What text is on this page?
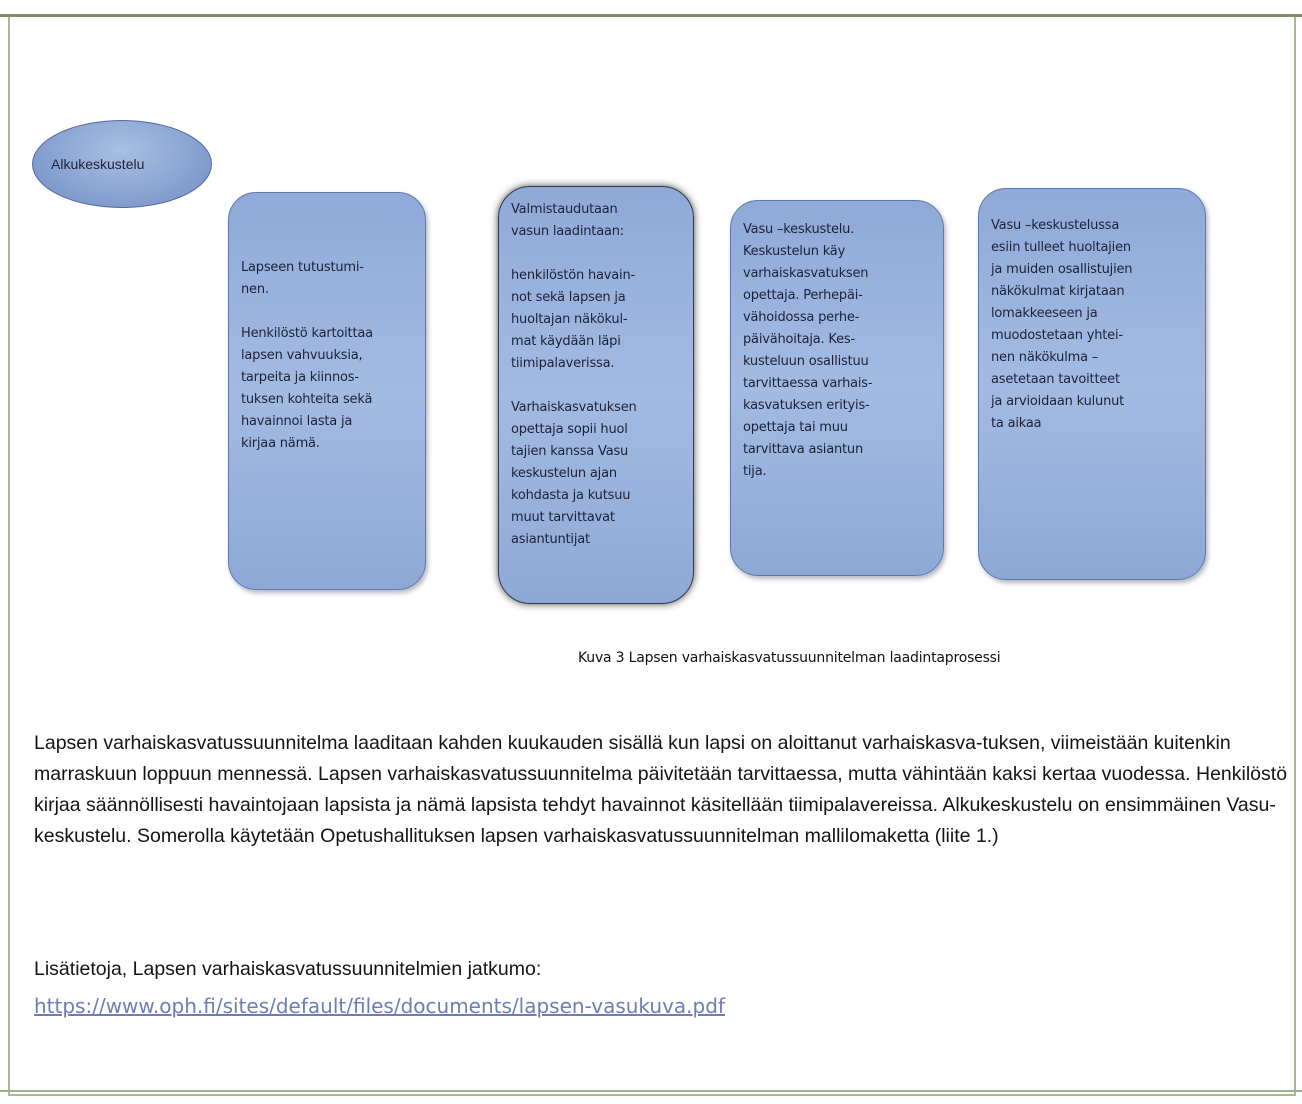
Alkukeskustelu

Lapseen tutustumi-

nen.

Henkilöstö kartoittaa

lapsen vahvuuksia,

tarpeita ja kiinnos-

tuksen kohteita sekä

havainnoi lasta ja

kirjaa nämä.

Valmistaudutaan

vasun laadintaan:

henkilöstön havain-

not sekä lapsen ja

huoltajan näkökul-

mat käydään läpi

tiimipalaverissa.

Varhaiskasvatuksen

opettaja sopii huol

tajien kanssa Vasu

keskustelun ajan

kohdasta ja kutsuu

muut tarvittavat

asiantuntijat

Vasu –keskustelu.

Keskustelun käy

varhaiskasvatuksen

opettaja. Perhepäi-

vähoidossa perhe-

päivähoitaja. Kes-

kusteluun osallistuu

tarvittaessa varhais-

kasvatuksen erityis-

opettaja tai muu

tarvittava asiantun

tija.

Vasu –keskustelussa

esiin tulleet huoltajien

ja muiden osallistujien

näkökulmat kirjataan

lomakkeeseen ja

muodostetaan yhtei-

nen näkökulma –

asetetaan tavoitteet

ja arvioidaan kulunut

ta aikaa

Kuva 3 Lapsen varhaiskasvatussuunnitelman laadintaprosessi

Lapsen varhaiskasvatussuunnitelma laaditaan kahden kuukauden sisällä kun lapsi on aloittanut varhaiskasva-tuksen, viimeistään kuitenkin marraskuun loppuun mennessä. Lapsen varhaiskasvatussuunnitelma päivitetään tarvittaessa, mutta vähintään kaksi kertaa vuodessa. Henkilöstö kirjaa säännöllisesti havaintojaan lapsista ja nämä lapsista tehdyt havainnot käsitellään tiimipalavereissa. Alkukeskustelu on ensimmäinen Vasu-keskustelu. Somerolla käytetään Opetushallituksen lapsen varhaiskasvatussuunnitelman mallilomaketta (liite 1.)

Lisätietoja, Lapsen varhaiskasvatussuunnitelmien jatkumo:
https://www.oph.fi/sites/default/files/documents/lapsen-vasukuva.pdf
